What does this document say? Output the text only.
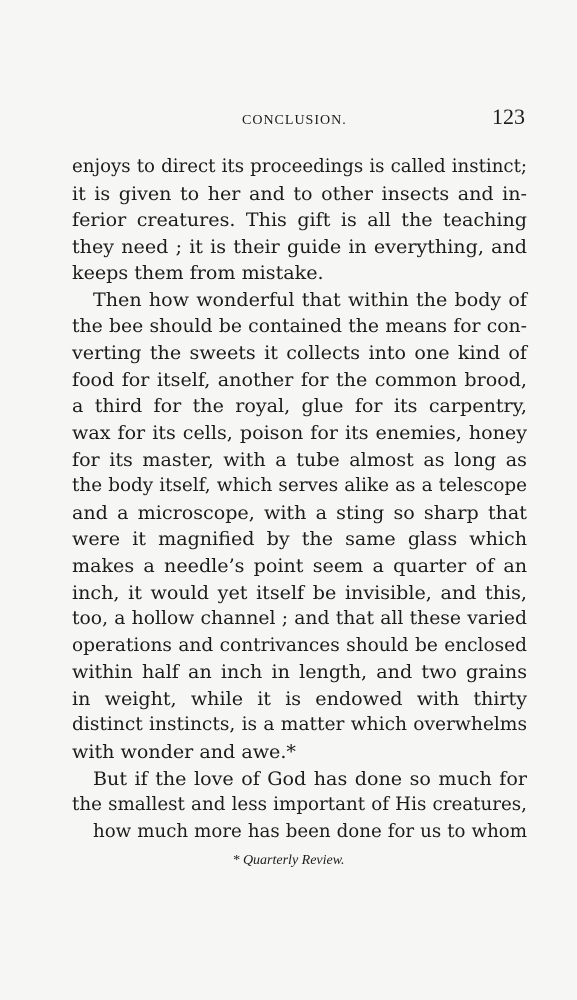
CONCLUSION.	123
enjoys to direct its proceedings is called instinct;
it is given to her and to other insects and in-
ferior creatures. This gift is all the teaching
they need ; it is their guide in everything, and
keeps them from mistake.
Then how wonderful that within the body of
the bee should be contained the means for con-
verting the sweets it collects into one kind of
food for itself, another for the common brood,
a third for the royal, glue for its carpentry,
wax for its cells, poison for its enemies, honey
for its master, with a tube almost as long as
the body itself, which serves alike as a telescope
and a microscope, with a sting so sharp that
were it magnified by the same glass which
makes a needle’s point seem a quarter of an
inch, it would yet itself be invisible, and this,
too, a hollow channel ; and that all these varied
operations and contrivances should be enclosed
within half an inch in length, and two grains
in weight, while it is endowed with thirty
distinct instincts, is a matter which overwhelms
with wonder and awe.*
But if the love of God has done so much for
the smallest and less important of His creatures,
how much more has been done for us to whom
* Quarterly Review.
